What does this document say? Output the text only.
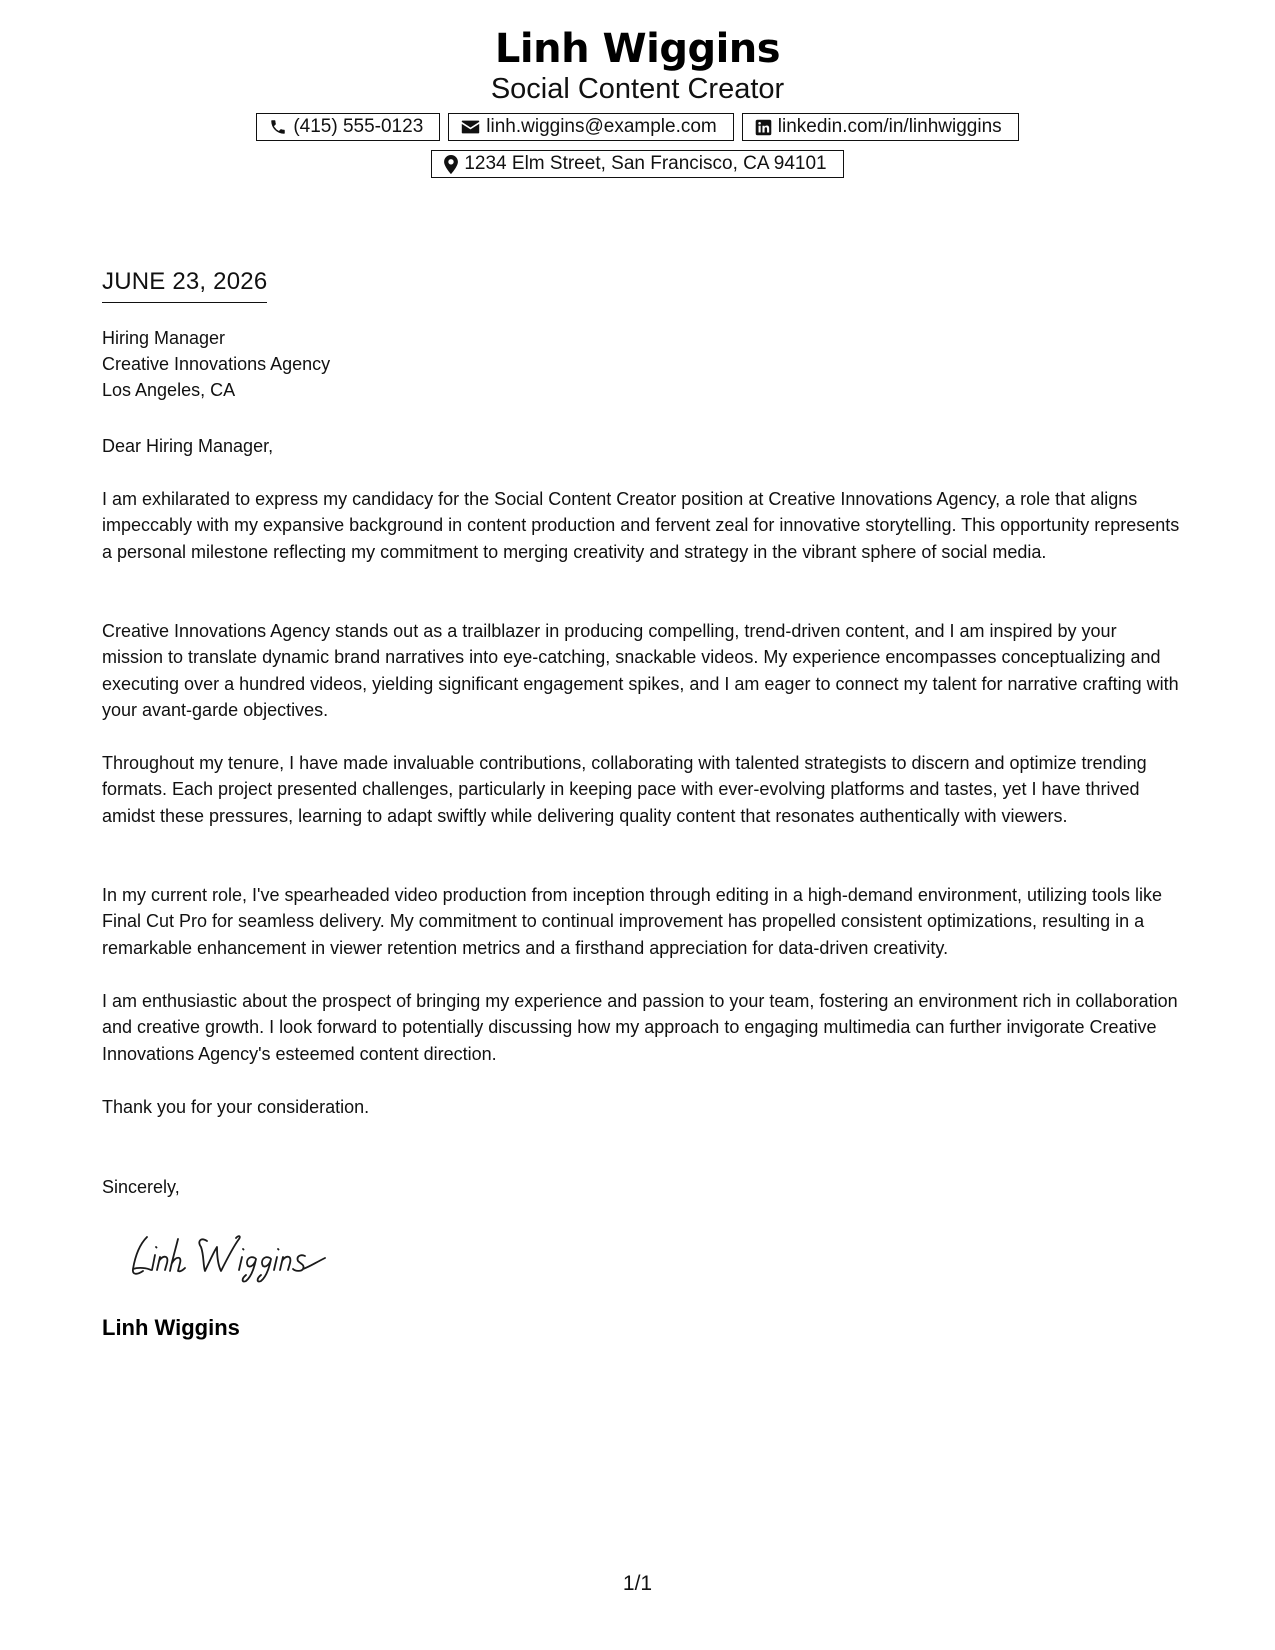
Linh Wiggins
Social Content Creator
(415) 555-0123	linh.wiggins@example.com	linkedin.com/in/linhwiggins
1234 Elm Street, San Francisco, CA 94101
JUNE 23, 2026
Hiring Manager
Creative Innovations Agency
Los Angeles, CA
Dear Hiring Manager,
I am exhilarated to express my candidacy for the Social Content Creator position at Creative Innovations Agency, a role that aligns impeccably with my expansive background in content production and fervent zeal for innovative storytelling. This opportunity represents a personal milestone reflecting my commitment to merging creativity and strategy in the vibrant sphere of social media.
Creative Innovations Agency stands out as a trailblazer in producing compelling, trend-driven content, and I am inspired by your mission to translate dynamic brand narratives into eye-catching, snackable videos. My experience encompasses conceptualizing and executing over a hundred videos, yielding significant engagement spikes, and I am eager to connect my talent for narrative crafting with your avant-garde objectives.
Throughout my tenure, I have made invaluable contributions, collaborating with talented strategists to discern and optimize trending formats. Each project presented challenges, particularly in keeping pace with ever-evolving platforms and tastes, yet I have thrived amidst these pressures, learning to adapt swiftly while delivering quality content that resonates authentically with viewers.
In my current role, I've spearheaded video production from inception through editing in a high-demand environment, utilizing tools like Final Cut Pro for seamless delivery. My commitment to continual improvement has propelled consistent optimizations, resulting in a remarkable enhancement in viewer retention metrics and a firsthand appreciation for data-driven creativity.
I am enthusiastic about the prospect of bringing my experience and passion to your team, fostering an environment rich in collaboration and creative growth. I look forward to potentially discussing how my approach to engaging multimedia can further invigorate Creative Innovations Agency's esteemed content direction.
Thank you for your consideration.
Sincerely,
Linh Wiggins
1/1
